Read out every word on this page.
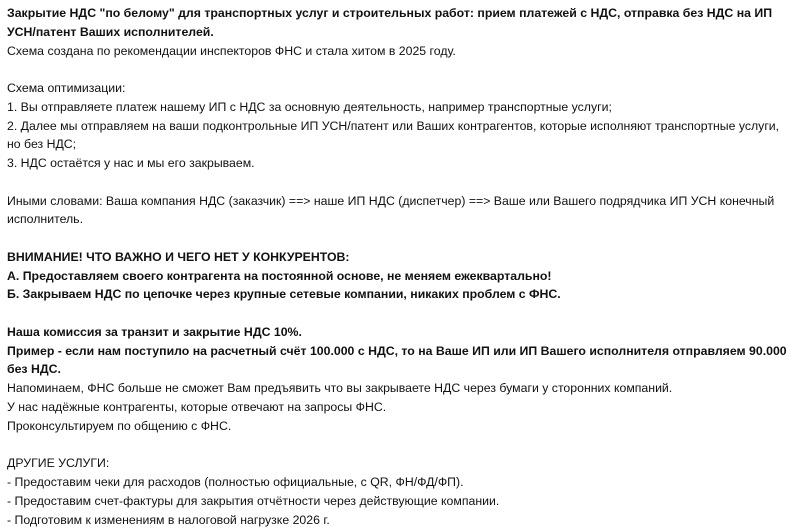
Закрытие НДС "по белому" для транспортных услуг и строительных работ: прием платежей с НДС, отправка без НДС на ИП УСН/патент Ваших исполнителей.

Схема создана по рекомендации инспекторов ФНС и стала хитом в 2025 году.

Схема оптимизации:

1. Вы отправляете платеж нашему ИП с НДС за основную деятельность, например транспортные услуги;

2. Далее мы отправляем на ваши подконтрольные ИП УСН/патент или Ваших контрагентов, которые исполняют транспортные услуги, но без НДС;

3. НДС остаётся у нас и мы его закрываем.

Иными словами: Ваша компания НДС (заказчик) ==> наше ИП НДС (диспетчер) ==> Ваше или Вашего подрядчика ИП УСН конечный исполнитель.

ВНИМАНИЕ! ЧТО ВАЖНО И ЧЕГО НЕТ У КОНКУРЕНТОВ:

А. Предоставляем своего контрагента на постоянной основе, не меняем ежеквартально!

Б. Закрываем НДС по цепочке через крупные сетевые компании, никаких проблем с ФНС.

Наша комиссия за транзит и закрытие НДС 10%.

Пример - если нам поступило на расчетный счёт 100.000 с НДС, то на Ваше ИП или ИП Вашего исполнителя отправляем 90.000 без НДС.

Напоминаем, ФНС больше не сможет Вам предъявить что вы закрываете НДС через бумаги у сторонних компаний.

У нас надёжные контрагенты, которые отвечают на запросы ФНС.

Проконсультируем по общению с ФНС.

ДРУГИЕ УСЛУГИ:

- Предоставим чеки для расходов (полностью официальные, с QR, ФН/ФД/ФП).

- Предоставим счет-фактуры для закрытия отчётности через действующие компании.

- Подготовим к изменениям в налоговой нагрузке 2026 г.
